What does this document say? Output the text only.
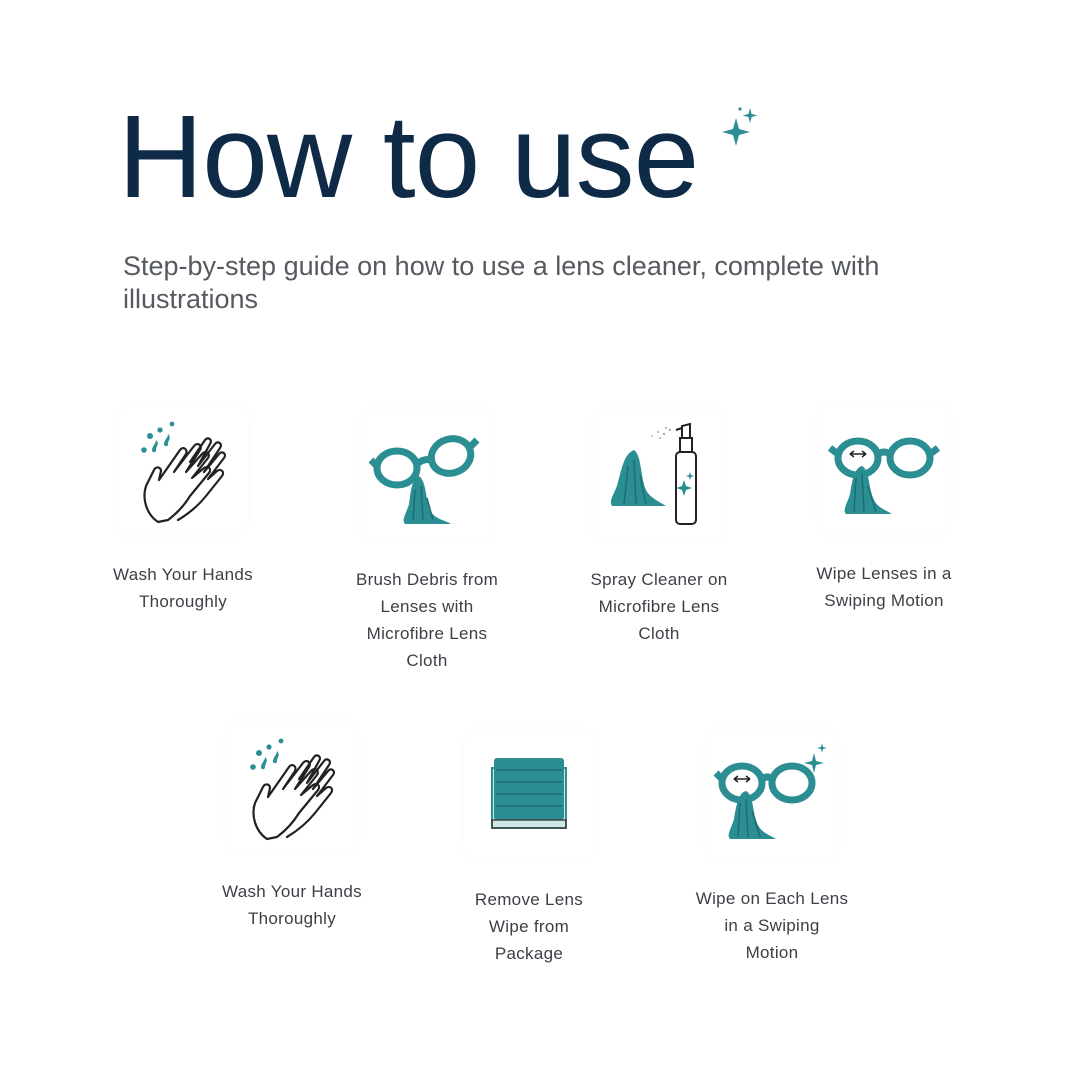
How to use

Step-by-step guide on how to use a lens cleaner, complete with illustrations

Wash Your Hands
Thoroughly
Brush Debris from
Lenses with
Microfibre Lens
Cloth
Spray Cleaner on
Microfibre Lens
Cloth
Wipe Lenses in a
Swiping Motion
Wash Your Hands
Thoroughly
Remove Lens
Wipe from
Package
Wipe on Each Lens
in a Swiping
Motion
